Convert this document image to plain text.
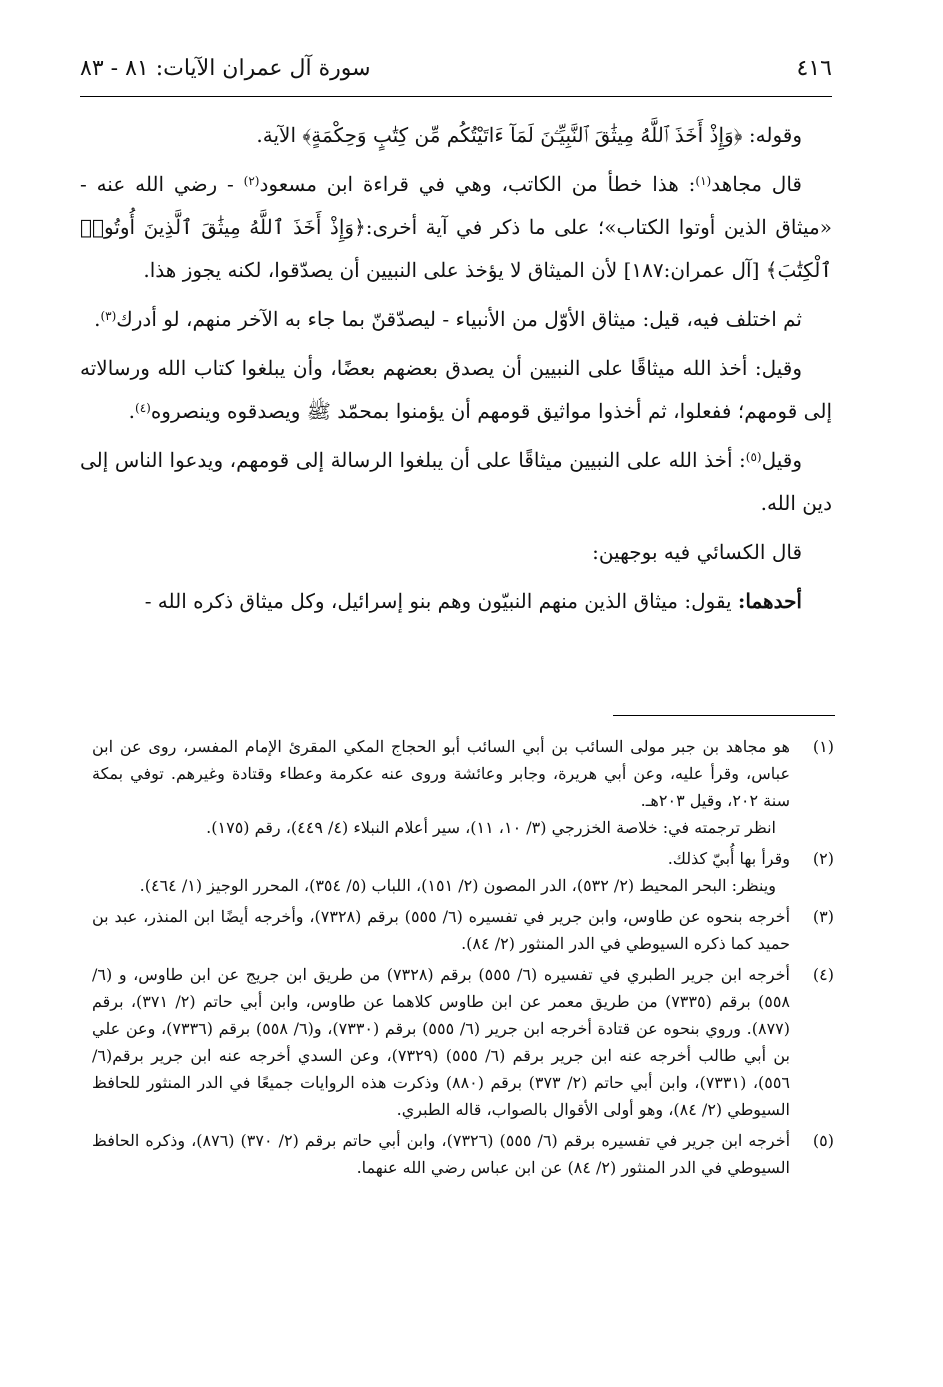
٤١٦
سورة آل عمران الآيات: ٨١ - ٨٣

وقوله: ﴿وَإِذْ أَخَذَ ٱللَّهُ مِيثَٰقَ ٱلنَّبِيِّـۧنَ لَمَآ ءَاتَيْتُكُم مِّن كِتَٰبٍ وَحِكْمَةٍ﴾ الآية.

قال مجاهد$^{(١)}$: هذا خطأ من الكاتب، وهي في قراءة ابن مسعود$^{(٢)}$ - رضي الله عنه - «ميثاق الذين أوتوا الكتاب»؛ على ما ذكر في آية أخرى:﴿وَإِذْ أَخَذَ ٱللَّهُ مِيثَٰقَ ٱلَّذِينَ أُوتُوا۟ ٱلْكِتَٰبَ﴾ [آل عمران:١٨٧] لأن الميثاق لا يؤخذ على النبيين أن يصدّقوا، لكنه يجوز هذا.

ثم اختلف فيه، قيل: ميثاق الأوّل من الأنبياء - ليصدّقنّ بما جاء به الآخر منهم، لو أدرك$^{(٣)}$.

وقيل: أخذ الله ميثاقًا على النبيين أن يصدق بعضهم بعضًا، وأن يبلغوا كتاب الله ورسالاته إلى قومهم؛ ففعلوا، ثم أخذوا مواثيق قومهم أن يؤمنوا بمحمّد ﷺ ويصدقوه وينصروه$^{(٤)}$.

وقيل$^{(٥)}$: أخذ الله على النبيين ميثاقًا على أن يبلغوا الرسالة إلى قومهم، ويدعوا الناس إلى دين الله.

قال الكسائي فيه بوجهين:

أحدهما: يقول: ميثاق الذين منهم النبيّون وهم بنو إسرائيل، وكل ميثاق ذكره الله -

(١)

هو مجاهد بن جبر مولى السائب بن أبي السائب أبو الحجاج المكي المقرئ الإمام المفسر، روى عن ابن عباس، وقرأ عليه، وعن أبي هريرة، وجابر وعائشة وروى عنه عكرمة وعطاء وقتادة وغيرهم. توفي بمكة سنة ٢٠٢، وقيل ٢٠٣هـ.

انظر ترجمته في: خلاصة الخزرجي (٣/ ١٠، ١١)، سير أعلام النبلاء (٤/ ٤٤٩)، رقم (١٧٥).

(٢)

وقرأ بها أُبيّ كذلك.

وينظر: البحر المحيط (٢/ ٥٣٢)، الدر المصون (٢/ ١٥١)، اللباب (٥/ ٣٥٤)، المحرر الوجيز (١/ ٤٦٤).

(٣)

أخرجه بنحوه عن طاوس، وابن جرير في تفسيره (٦/ ٥٥٥) برقم (٧٣٢٨)، وأخرجه أيضًا ابن المنذر، عبد بن حميد كما ذكره السيوطي في الدر المنثور (٢/ ٨٤).

(٤)

أخرجه ابن جرير الطبري في تفسيره (٦/ ٥٥٥) برقم (٧٣٢٨) من طريق ابن جريج عن ابن طاوس، و (٦/ ٥٥٨) برقم (٧٣٣٥) من طريق معمر عن ابن طاوس كلاهما عن طاوس، وابن أبي حاتم (٢/ ٣٧١)، برقم (٨٧٧). وروي بنحوه عن قتادة أخرجه ابن جرير (٦/ ٥٥٥) برقم (٧٣٣٠)، و(٦/ ٥٥٨) برقم (٧٣٣٦)، وعن علي بن أبي طالب أخرجه عنه ابن جرير برقم (٦/ ٥٥٥) (٧٣٢٩)، وعن السدي أخرجه عنه ابن جرير برقم(٦/ ٥٥٦)، (٧٣٣١)، وابن أبي حاتم (٢/ ٣٧٣) برقم (٨٨٠) وذكرت هذه الروايات جميعًا في الدر المنثور للحافظ السيوطي (٢/ ٨٤)، وهو أولى الأقوال بالصواب، قاله الطبري.

(٥)

أخرجه ابن جرير في تفسيره برقم (٦/ ٥٥٥) (٧٣٢٦)، وابن أبي حاتم برقم (٢/ ٣٧٠) (٨٧٦)، وذكره الحافظ السيوطي في الدر المنثور (٢/ ٨٤) عن ابن عباس رضي الله عنهما.
